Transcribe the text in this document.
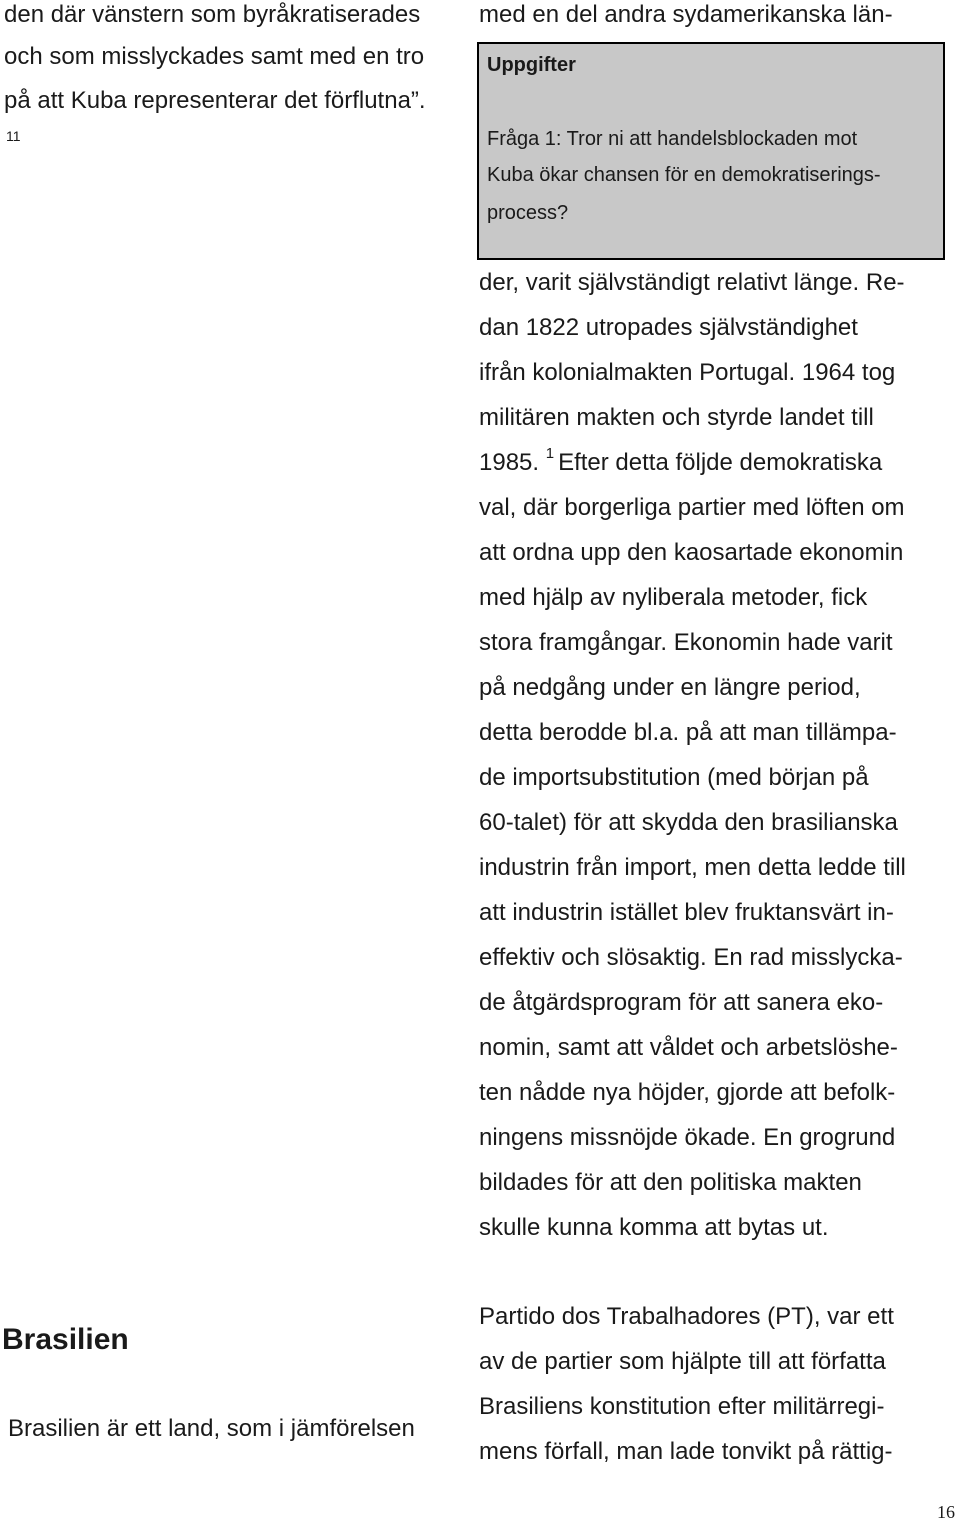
den där vänstern som byråkratiserades
och som misslyckades samt med en tro
på att Kuba representerar det förflutna”.
11
med en del andra sydamerikanska län-
Uppgifter
Fråga 1: Tror ni att handelsblockaden mot
Kuba ökar chansen för en demokratiserings-
process?
der, varit självständigt relativt länge. Re-
dan 1822 utropades självständighet
ifrån kolonialmakten Portugal. 1964 tog
militären makten och styrde landet till
1985. $^1$ Efter detta följde demokratiska
val, där borgerliga partier med löften om
att ordna upp den kaosartade ekonomin
med hjälp av nyliberala metoder, fick
stora framgångar. Ekonomin hade varit
på nedgång under en längre period,
detta berodde bl.a. på att man tillämpa-
de importsubstitution (med början på
60-talet) för att skydda den brasilianska
industrin från import, men detta ledde till
att industrin istället blev fruktansvärt in-
effektiv och slösaktig. En rad misslycka-
de åtgärdsprogram för att sanera eko-
nomin, samt att våldet och arbetslöshe-
ten nådde nya höjder, gjorde att befolk-
ningens missnöjde ökade. En grogrund
bildades för att den politiska makten
skulle kunna komma att bytas ut.
Partido dos Trabalhadores (PT), var ett
av de partier som hjälpte till att författa
Brasiliens konstitution efter militärregi-
mens förfall, man lade tonvikt på rättig-
Brasilien
Brasilien är ett land, som i jämförelsen
16
